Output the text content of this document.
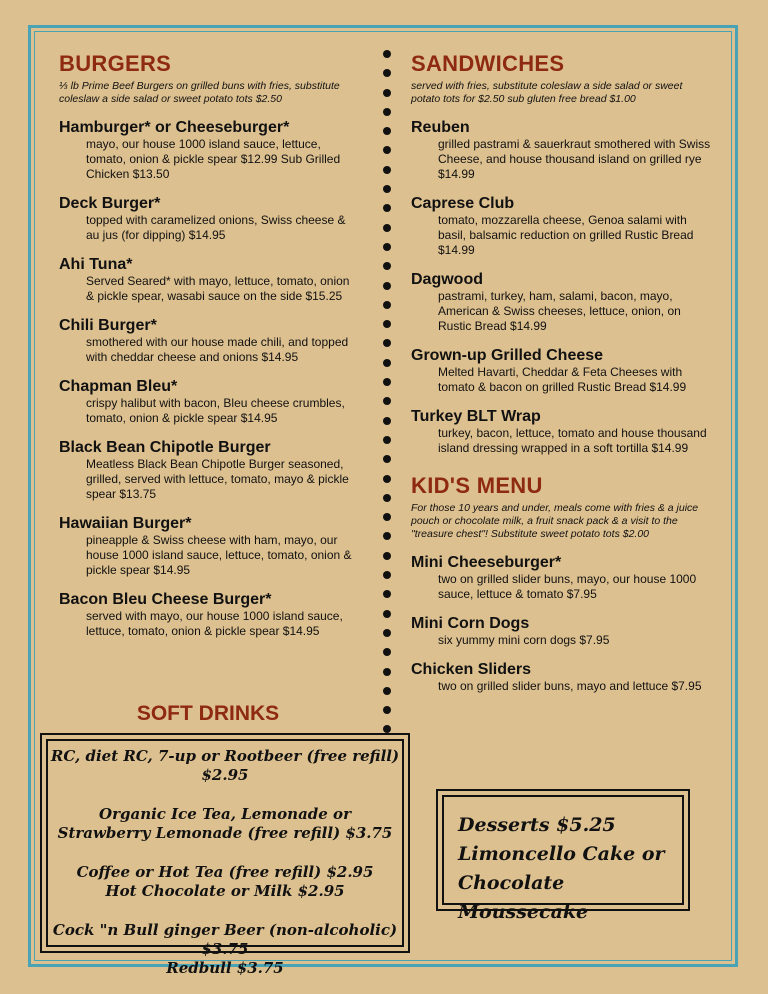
BURGERS

⅓ lb Prime Beef Burgers on grilled buns with fries, substitute coleslaw a side salad or sweet potato tots $2.50

Hamburger* or Cheeseburger*
mayo, our house 1000 island sauce, lettuce, tomato, onion & pickle spear $12.99 Sub Grilled Chicken $13.50
Deck Burger*
topped with caramelized onions, Swiss cheese & au jus (for dipping) $14.95
Ahi Tuna*
Served Seared* with mayo, lettuce, tomato, onion & pickle spear, wasabi sauce on the side $15.25
Chili Burger*
smothered with our house made chili, and topped with cheddar cheese and onions $14.95
Chapman Bleu*
crispy halibut with bacon, Bleu cheese crumbles, tomato, onion & pickle spear $14.95
Black Bean Chipotle Burger
Meatless Black Bean Chipotle Burger seasoned, grilled, served with lettuce, tomato, mayo & pickle spear $13.75
Hawaiian Burger*
pineapple & Swiss cheese with ham, mayo, our house 1000 island sauce, lettuce, tomato, onion & pickle spear $14.95
Bacon Bleu Cheese Burger*
served with mayo, our house 1000 island sauce, lettuce, tomato, onion & pickle spear $14.95
SANDWICHES

served with fries, substitute coleslaw a side salad or sweet potato tots for $2.50 sub gluten free bread $1.00

Reuben
grilled pastrami & sauerkraut smothered with Swiss Cheese, and house thousand island on grilled rye $14.99
Caprese Club
tomato, mozzarella cheese, Genoa salami with basil, balsamic reduction on grilled Rustic Bread $14.99
Dagwood
pastrami, turkey, ham, salami, bacon, mayo, American & Swiss cheeses, lettuce, onion, on Rustic Bread $14.99
Grown-up Grilled Cheese
Melted Havarti, Cheddar & Feta Cheeses with tomato & bacon on grilled Rustic Bread $14.99
Turkey BLT Wrap
turkey, bacon, lettuce, tomato and house thousand island dressing wrapped in a soft tortilla $14.99
KID'S MENU

For those 10 years and under, meals come with fries & a juice pouch or chocolate milk, a fruit snack pack & a visit to the "treasure chest"! Substitute sweet potato tots $2.00

Mini Cheeseburger*
two on grilled slider buns, mayo, our house 1000 sauce, lettuce & tomato $7.95
Mini Corn Dogs
six yummy mini corn dogs $7.95
Chicken Sliders
two on grilled slider buns, mayo and lettuce $7.95
SOFT DRINKS

RC, diet RC, 7-up or Rootbeer (free refill) $2.95

Organic Ice Tea, Lemonade or

Strawberry Lemonade (free refill) $3.75

Coffee or Hot Tea (free refill) $2.95

Hot Chocolate or Milk $2.95

Cock "n Bull ginger Beer (non-alcoholic) $3.75

Redbull $3.75

Desserts $5.25

Limoncello Cake or

Chocolate Moussecake
